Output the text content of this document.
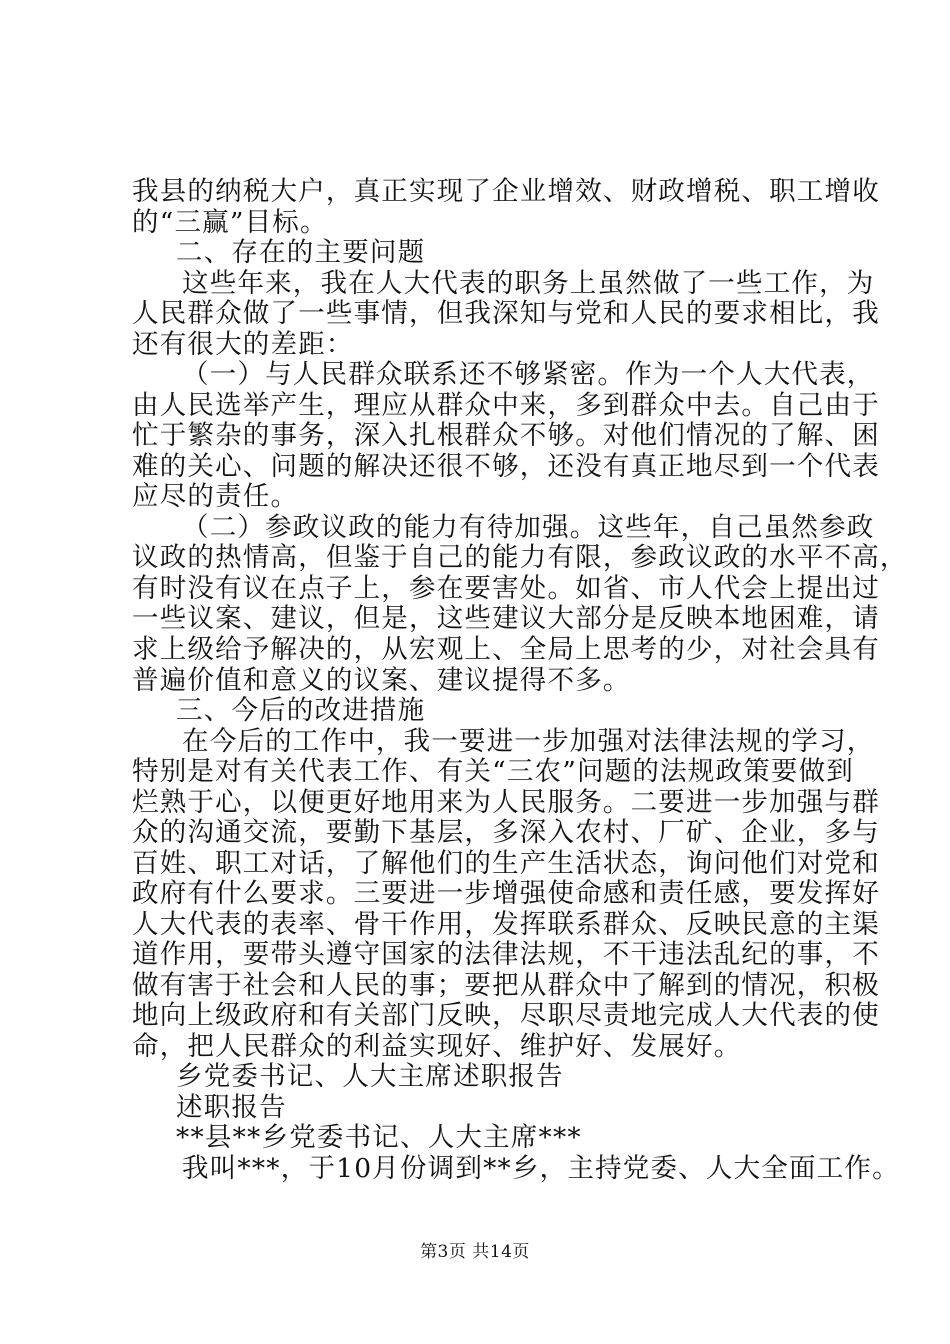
我县的纳税大户，真正实现了企业增效、财政增税、职工增收
的“三赢”目标。
二、存在的主要问题
这些年来，我在人大代表的职务上虽然做了一些工作，为
人民群众做了一些事情，但我深知与党和人民的要求相比，我
还有很大的差距：
（一）与人民群众联系还不够紧密。作为一个人大代表，
由人民选举产生，理应从群众中来，多到群众中去。自己由于
忙于繁杂的事务，深入扎根群众不够。对他们情况的了解、困
难的关心、问题的解决还很不够，还没有真正地尽到一个代表
应尽的责任。
（二）参政议政的能力有待加强。这些年，自己虽然参政
议政的热情高，但鉴于自己的能力有限，参政议政的水平不高，
有时没有议在点子上，参在要害处。如省、市人代会上提出过
一些议案、建议，但是，这些建议大部分是反映本地困难，请
求上级给予解决的，从宏观上、全局上思考的少，对社会具有
普遍价值和意义的议案、建议提得不多。
三、今后的改进措施
在今后的工作中，我一要进一步加强对法律法规的学习，
特别是对有关代表工作、有关“三农”问题的法规政策要做到
烂熟于心，以便更好地用来为人民服务。二要进一步加强与群
众的沟通交流，要勤下基层，多深入农村、厂矿、企业，多与
百姓、职工对话，了解他们的生产生活状态，询问他们对党和
政府有什么要求。三要进一步增强使命感和责任感，要发挥好
人大代表的表率、骨干作用，发挥联系群众、反映民意的主渠
道作用，要带头遵守国家的法律法规，不干违法乱纪的事，不
做有害于社会和人民的事；要把从群众中了解到的情况，积极
地向上级政府和有关部门反映，尽职尽责地完成人大代表的使
命，把人民群众的利益实现好、维护好、发展好。
乡党委书记、人大主席述职报告
述职报告
**县**乡党委书记、人大主席***
我叫***，于10月份调到**乡，主持党委、人大全面工作。
第3页 共14页
